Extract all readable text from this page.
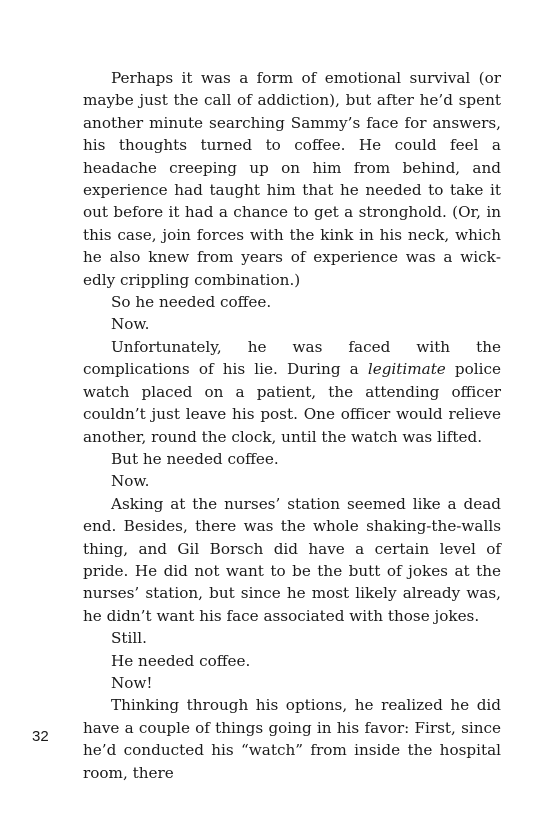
Perhaps it was a form of emotional survival (or maybe just the call of addiction), but after he’d spent another minute searching Sammy’s face for answers, his thoughts turned to coffee. He could feel a headache creeping up on him from behind, and experience had taught him that he needed to take it out before it had a chance to get a stronghold. (Or, in this case, join forces with the kink in his neck, which he also knew from years of experience was a wickedly crippling combination.)

So he needed coffee.

Now.

Unfortunately, he was faced with the complications of his lie. During a legitimate police watch placed on a patient, the attending officer couldn’t just leave his post. One officer would relieve another, round the clock, until the watch was lifted.

But he needed coffee.

Now.

Asking at the nurses’ station seemed like a dead end. Besides, there was the whole shaking-the-walls thing, and Gil Borsch did have a certain level of pride. He did not want to be the butt of jokes at the nurses’ station, but since he most likely already was, he didn’t want his face associated with those jokes.

Still.

He needed coffee.

Now!

Thinking through his options, he realized he did have a couple of things going in his favor: First, since he’d conducted his “watch” from inside the hospital room, there

32
